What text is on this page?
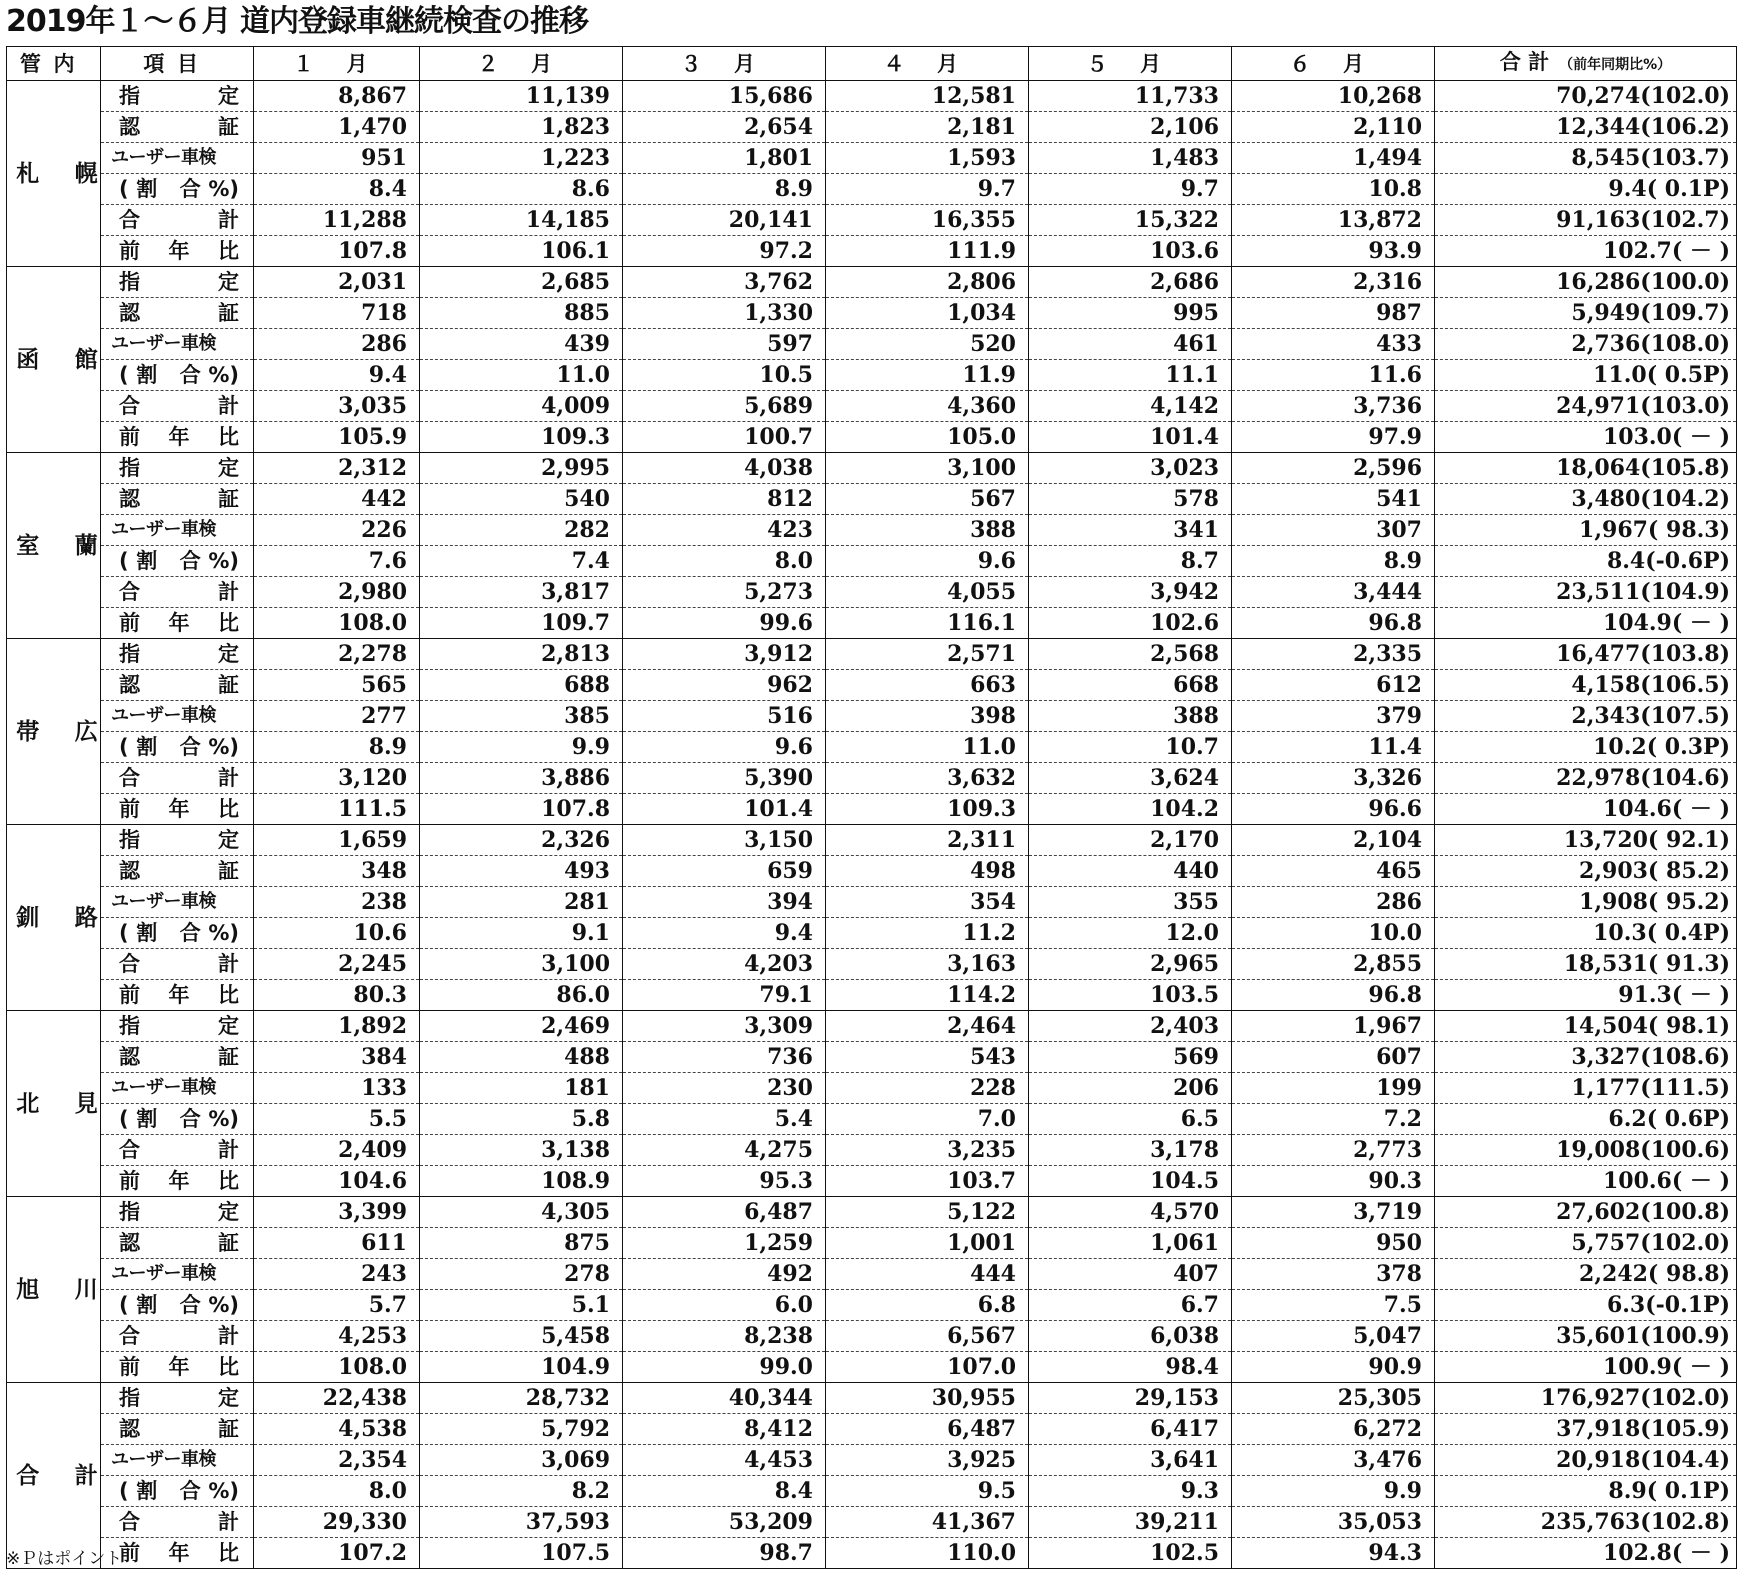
2019年１～６月 道内登録車継続検査の推移
管内	項目	１ 月	２ 月	３ 月	４ 月	５ 月	６ 月	合 計 （前年同期比%）
札 幌	指 定	8,867	11,139	15,686	12,581	11,733	10,268	70,274(102.0)
	認 証	1,470	1,823	2,654	2,181	2,106	2,110	12,344(106.2)
	ユーザー車検	951	1,223	1,801	1,593	1,483	1,494	8,545(103.7)
	(割 合%)	8.4	8.6	8.9	9.7	9.7	10.8	9.4( 0.1P)
	合 計	11,288	14,185	20,141	16,355	15,322	13,872	91,163(102.7)
	前 年 比	107.8	106.1	97.2	111.9	103.6	93.9	102.7( － )
函 館	指 定	2,031	2,685	3,762	2,806	2,686	2,316	16,286(100.0)
	認 証	718	885	1,330	1,034	995	987	5,949(109.7)
	ユーザー車検	286	439	597	520	461	433	2,736(108.0)
	(割 合%)	9.4	11.0	10.5	11.9	11.1	11.6	11.0( 0.5P)
	合 計	3,035	4,009	5,689	4,360	4,142	3,736	24,971(103.0)
	前 年 比	105.9	109.3	100.7	105.0	101.4	97.9	103.0( － )
室 蘭	指 定	2,312	2,995	4,038	3,100	3,023	2,596	18,064(105.8)
	認 証	442	540	812	567	578	541	3,480(104.2)
	ユーザー車検	226	282	423	388	341	307	1,967( 98.3)
	(割 合%)	7.6	7.4	8.0	9.6	8.7	8.9	8.4(-0.6P)
	合 計	2,980	3,817	5,273	4,055	3,942	3,444	23,511(104.9)
	前 年 比	108.0	109.7	99.6	116.1	102.6	96.8	104.9( － )
帯 広	指 定	2,278	2,813	3,912	2,571	2,568	2,335	16,477(103.8)
	認 証	565	688	962	663	668	612	4,158(106.5)
	ユーザー車検	277	385	516	398	388	379	2,343(107.5)
	(割 合%)	8.9	9.9	9.6	11.0	10.7	11.4	10.2( 0.3P)
	合 計	3,120	3,886	5,390	3,632	3,624	3,326	22,978(104.6)
	前 年 比	111.5	107.8	101.4	109.3	104.2	96.6	104.6( － )
釧 路	指 定	1,659	2,326	3,150	2,311	2,170	2,104	13,720( 92.1)
	認 証	348	493	659	498	440	465	2,903( 85.2)
	ユーザー車検	238	281	394	354	355	286	1,908( 95.2)
	(割 合%)	10.6	9.1	9.4	11.2	12.0	10.0	10.3( 0.4P)
	合 計	2,245	3,100	4,203	3,163	2,965	2,855	18,531( 91.3)
	前 年 比	80.3	86.0	79.1	114.2	103.5	96.8	91.3( － )
北 見	指 定	1,892	2,469	3,309	2,464	2,403	1,967	14,504( 98.1)
	認 証	384	488	736	543	569	607	3,327(108.6)
	ユーザー車検	133	181	230	228	206	199	1,177(111.5)
	(割 合%)	5.5	5.8	5.4	7.0	6.5	7.2	6.2( 0.6P)
	合 計	2,409	3,138	4,275	3,235	3,178	2,773	19,008(100.6)
	前 年 比	104.6	108.9	95.3	103.7	104.5	90.3	100.6( － )
旭 川	指 定	3,399	4,305	6,487	5,122	4,570	3,719	27,602(100.8)
	認 証	611	875	1,259	1,001	1,061	950	5,757(102.0)
	ユーザー車検	243	278	492	444	407	378	2,242( 98.8)
	(割 合%)	5.7	5.1	6.0	6.8	6.7	7.5	6.3(-0.1P)
	合 計	4,253	5,458	8,238	6,567	6,038	5,047	35,601(100.9)
	前 年 比	108.0	104.9	99.0	107.0	98.4	90.9	100.9( － )
合 計	指 定	22,438	28,732	40,344	30,955	29,153	25,305	176,927(102.0)
	認 証	4,538	5,792	8,412	6,487	6,417	6,272	37,918(105.9)
	ユーザー車検	2,354	3,069	4,453	3,925	3,641	3,476	20,918(104.4)
	(割 合%)	8.0	8.2	8.4	9.5	9.3	9.9	8.9( 0.1P)
	合 計	29,330	37,593	53,209	41,367	39,211	35,053	235,763(102.8)
	前 年 比	107.2	107.5	98.7	110.0	102.5	94.3	102.8( － )
※Ｐはポイント
